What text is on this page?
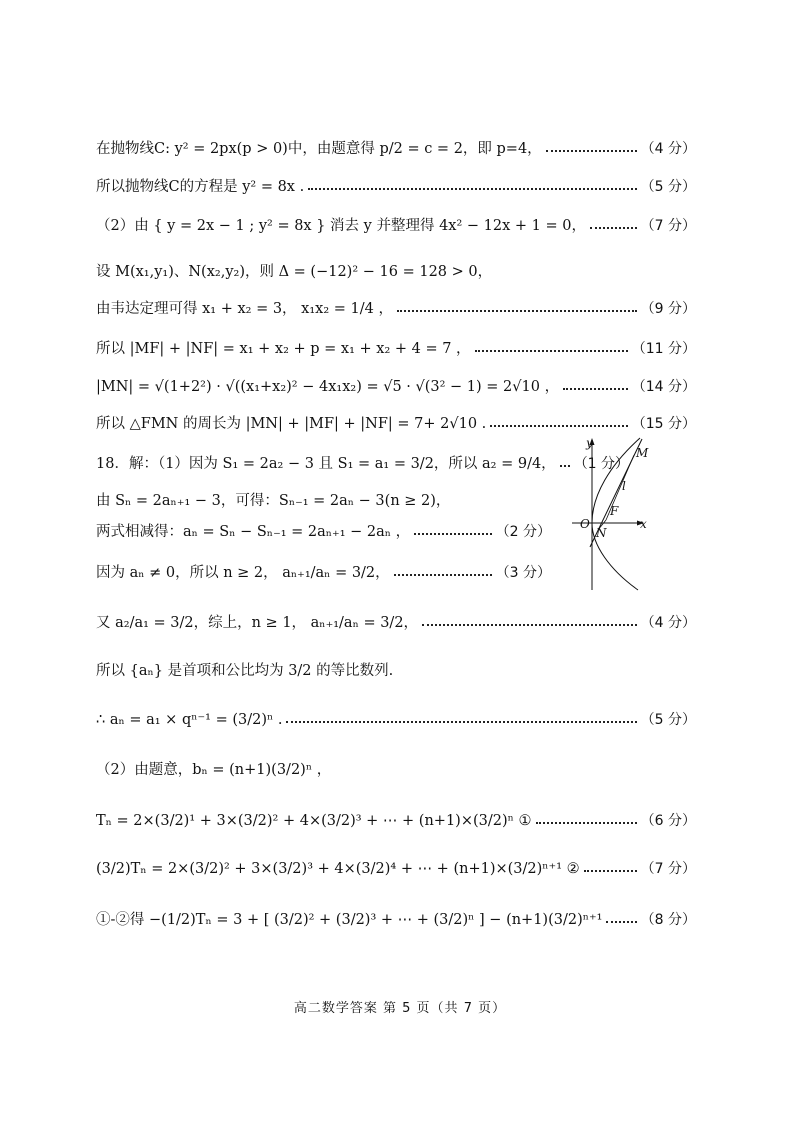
在抛物线C: y² = 2px(p > 0)中，由题意得 p/2 = c = 2，即 p=4，	（4 分）
所以抛物线C的方程是 y² = 8x .	（5 分）
（2）由 { y = 2x − 1 ; y² = 8x } 消去 y 并整理得 4x² − 12x + 1 = 0，	（7 分）
设 M(x₁,y₁)、N(x₂,y₂)，则 Δ = (−12)² − 16 = 128 > 0，
由韦达定理可得 x₁ + x₂ = 3， x₁x₂ = 1/4 ，	（9 分）
所以 |MF| + |NF| = x₁ + x₂ + p = x₁ + x₂ + 4 = 7 ，	（11 分）
|MN| = √(1+2²) · √((x₁+x₂)² − 4x₁x₂) = √5 · √(3² − 1) = 2√10 ，	（14 分）
所以 △FMN 的周长为 |MN| + |MF| + |NF| = 7+ 2√10 .	（15 分）
18．解：（1）因为 S₁ = 2a₂ − 3 且 S₁ = a₁ = 3/2，所以 a₂ = 9/4， （1 分）
由 Sₙ = 2aₙ₊₁ − 3，可得：Sₙ₋₁ = 2aₙ − 3(n ≥ 2)，
两式相减得：aₙ = Sₙ − Sₙ₋₁ = 2aₙ₊₁ − 2aₙ ，	（2 分）
因为 aₙ ≠ 0，所以 n ≥ 2， aₙ₊₁/aₙ = 3/2，	（3 分）
又 a₂/a₁ = 3/2，综上，n ≥ 1， aₙ₊₁/aₙ = 3/2，	（4 分）
所以 {aₙ} 是首项和公比均为 3/2 的等比数列.
∴ aₙ = a₁ × qⁿ⁻¹ = (3/2)ⁿ .	（5 分）
（2）由题意，bₙ = (n+1)(3/2)ⁿ ，
Tₙ = 2×(3/2)¹ + 3×(3/2)² + 4×(3/2)³ + ⋯ + (n+1)×(3/2)ⁿ ①	（6 分）
(3/2)Tₙ = 2×(3/2)² + 3×(3/2)³ + 4×(3/2)⁴ + ⋯ + (n+1)×(3/2)ⁿ⁺¹ ②	（7 分）
①-②得 −(1/2)Tₙ = 3 + [ (3/2)² + (3/2)³ + ⋯ + (3/2)ⁿ ] − (n+1)(3/2)ⁿ⁺¹	（8 分）
y
x
O
M
N
F
l
高二数学答案 第 5 页（共 7 页）
